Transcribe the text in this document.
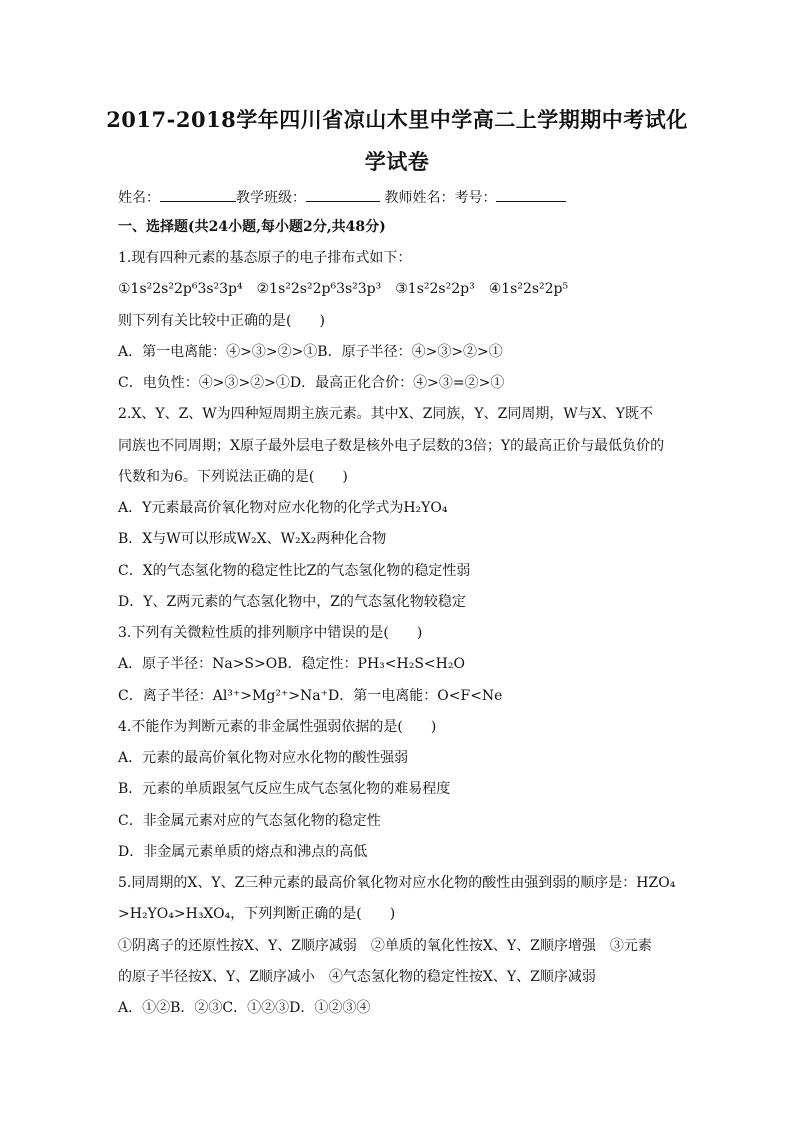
2017-2018学年四川省凉山木里中学高二上学期期中考试化
学试卷
姓名：	教学班级：	教师姓名：考号：
一、选择题(共24小题,每小题2分,共48分)
1.现有四种元素的基态原子的电子排布式如下：
①1s²2s²2p⁶3s²3p⁴　②1s²2s²2p⁶3s²3p³　③1s²2s²2p³　④1s²2s²2p⁵
则下列有关比较中正确的是(　　)
A．第一电离能：④>③>②>①B．原子半径：④>③>②>①
C．电负性：④>③>②>①D．最高正化合价：④>③=②>①
2.X、Y、Z、W为四种短周期主族元素。其中X、Z同族，Y、Z同周期，W与X、Y既不
同族也不同周期；X原子最外层电子数是核外电子层数的3倍；Y的最高正价与最低负价的
代数和为6。下列说法正确的是(　　)
A．Y元素最高价氧化物对应水化物的化学式为H₂YO₄
B．X与W可以形成W₂X、W₂X₂两种化合物
C．X的气态氢化物的稳定性比Z的气态氢化物的稳定性弱
D．Y、Z两元素的气态氢化物中，Z的气态氢化物较稳定
3.下列有关微粒性质的排列顺序中错误的是(　　)
A．原子半径：Na>S>OB．稳定性：PH₃<H₂S<H₂O
C．离子半径：Al³⁺>Mg²⁺>Na⁺D．第一电离能：O<F<Ne
4.不能作为判断元素的非金属性强弱依据的是(　　)
A．元素的最高价氧化物对应水化物的酸性强弱
B．元素的单质跟氢气反应生成气态氢化物的难易程度
C．非金属元素对应的气态氢化物的稳定性
D．非金属元素单质的熔点和沸点的高低
5.同周期的X、Y、Z三种元素的最高价氧化物对应水化物的酸性由强到弱的顺序是：HZO₄
>H₂YO₄>H₃XO₄，下列判断正确的是(　　)
①阴离子的还原性按X、Y、Z顺序减弱　②单质的氧化性按X、Y、Z顺序增强　③元素
的原子半径按X、Y、Z顺序减小　④气态氢化物的稳定性按X、Y、Z顺序减弱
A．①②B．②③C．①②③D．①②③④
